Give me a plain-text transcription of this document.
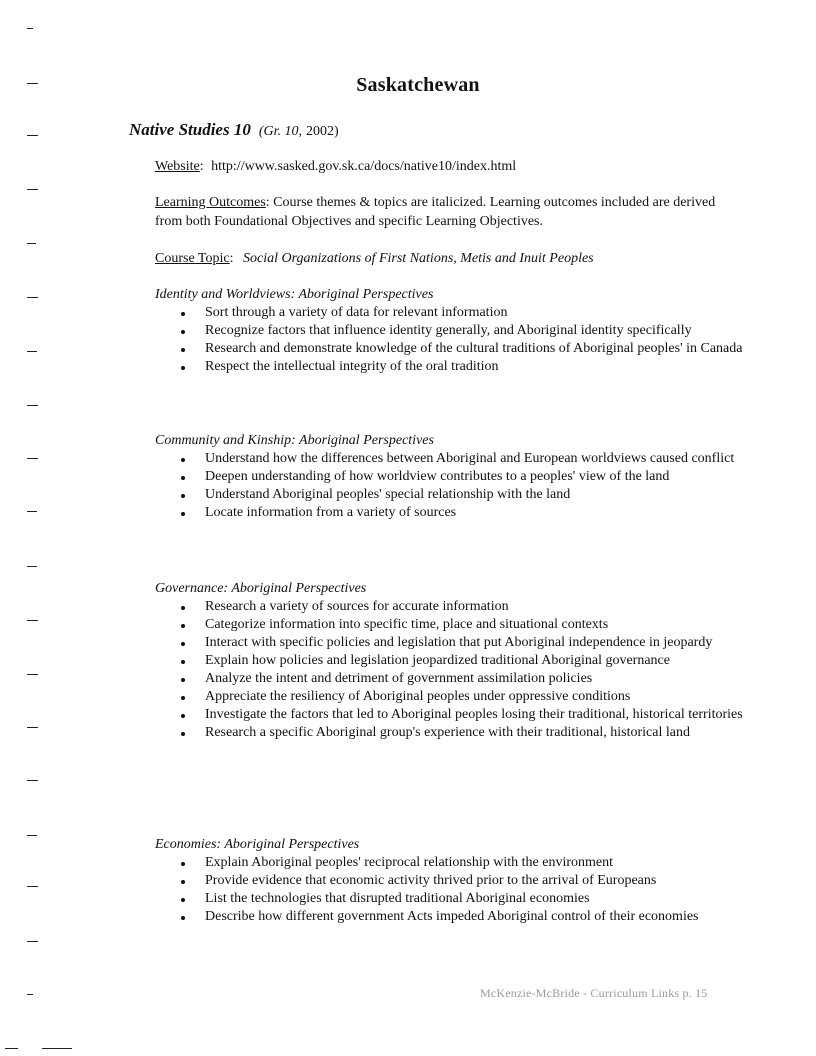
Saskatchewan
Native Studies 10 (Gr. 10, 2002)
Website: http://www.sasked.gov.sk.ca/docs/native10/index.html
Learning Outcomes: Course themes & topics are italicized. Learning outcomes included are derived from both Foundational Objectives and specific Learning Objectives.
Course Topic: Social Organizations of First Nations, Metis and Inuit Peoples
Identity and Worldviews: Aboriginal Perspectives
Sort through a variety of data for relevant information
Recognize factors that influence identity generally, and Aboriginal identity specifically
Research and demonstrate knowledge of the cultural traditions of Aboriginal peoples' in Canada
Respect the intellectual integrity of the oral tradition
Community and Kinship: Aboriginal Perspectives
Understand how the differences between Aboriginal and European worldviews caused conflict
Deepen understanding of how worldview contributes to a peoples' view of the land
Understand Aboriginal peoples' special relationship with the land
Locate information from a variety of sources
Governance: Aboriginal Perspectives
Research a variety of sources for accurate information
Categorize information into specific time, place and situational contexts
Interact with specific policies and legislation that put Aboriginal independence in jeopardy
Explain how policies and legislation jeopardized traditional Aboriginal governance
Analyze the intent and detriment of government assimilation policies
Appreciate the resiliency of Aboriginal peoples under oppressive conditions
Investigate the factors that led to Aboriginal peoples losing their traditional, historical territories
Research a specific Aboriginal group's experience with their traditional, historical land
Economies: Aboriginal Perspectives
Explain Aboriginal peoples' reciprocal relationship with the environment
Provide evidence that economic activity thrived prior to the arrival of Europeans
List the technologies that disrupted traditional Aboriginal economies
Describe how different government Acts impeded Aboriginal control of their economies
McKenzie-McBride - Curriculum Links p. 15
